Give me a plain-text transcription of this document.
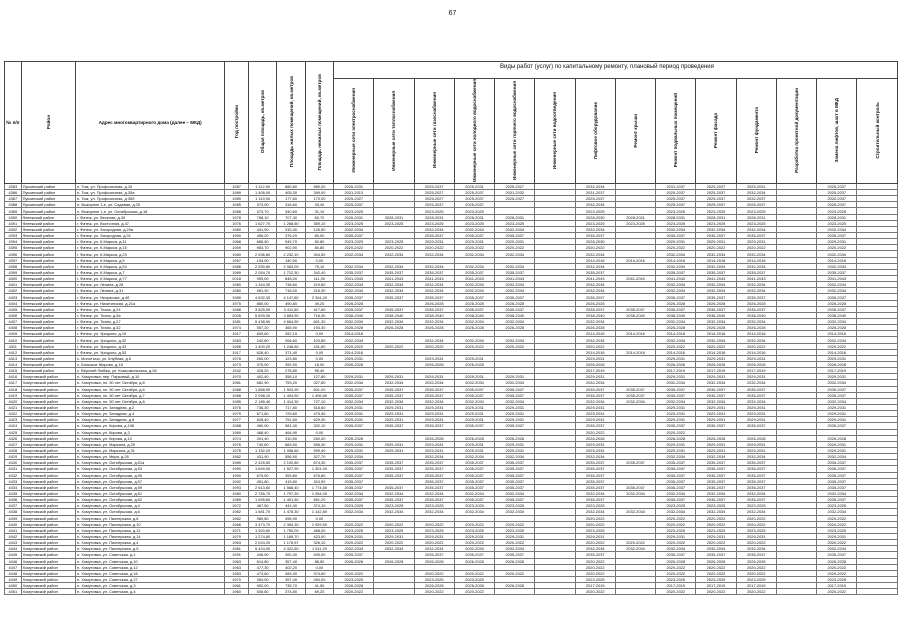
67
Виды работ (услуг) по капитальному ремонту, плановый период проведения
№ п/п	Район	Адрес многоквартирного дома (далее – МКД)	Год постройки	Общая площадь, кв.метров	Площадь жилых помещений, кв.метров	Площадь нежилых помещений, кв.метров														
							Инженерные сети электроснабжения	Инженерные сети теплоснабжения	Инженерные сети газоснабжения	Инженерные сети холодного водоснабжения	Инженерные сети горячего водоснабжения	Инженерные сети водоотведения	Лифтовое оборудование	Ремонт крыши	Ремонт подвальных помещений	Ремонт фасада	Ремонт фундамента	Разработка проектной документации	Замена лифтов, шахт в МКД	Строительный контроль
4383	Пуксинский район	п. Тиж, ул. Профсоюзная, д.15	1987	1 112,90	880,80	589,00	2026-2031		2025-2037	2025-2031	2025-2027		2032-2034		2031-2037	2029-2037	2025-2031		2025-2037	
4386	Пуксинский район	п. Тиж, ул. Профсоюзная, д.35а	1989	1 406,00	405,30	349,00	2031-2013		2025-2027	2025-2037	2031-2032		2031-2037		2025-2037	2025-2037	2032-2034		2025-2037	
4387	Пуксинский район	п. Тиж, ул. Профсоюзная, д.35б	1989	1 119,00	177,60	170,00	2025-2027		2025-2027	2025-2037	2025-2027		2025-2037		2025-2037	2025-2037	2032-2037		2032-2037	
4388	Пуксинский район	п. Выкорное 1-е, ул. Садовая, д.25	1985	373,00	316,60	33,40	2025-2037		2025-2037	2025-2037			2032-2034		2025-2037	2025-2037	2025-2037		2025-2037	
4389	Пуксинский район	п. Выкорное 1-е, ул. Октябрьская, д.18	1988	373,70	340,60	31,10	2023-2025		2023-2025	2023-2025			2023-2025		2023-2025	2023-2025	2023-2025		2023-2025	
4390	Фатежский район	г. Фатеж, ул. Веселая, д.30	1978	768,10	707,30	60,70	2026-2031	2028-2031	2028-2031	2028-2031	2028-2031		2028-2030	2028-2031	2028-2031	2028-2031	2028-2031		2028-2031	
4391	Фатежский район	г. Фатеж, ул. Восточная, д.47	1976	1 627,70	1 268,60	359,10	2023-2025	2023-2025	2023-2025	2023-2025	2023-2025		2023-2025	2023-2025	2023-2025	2023-2025	2023-2025		2023-2025	
4392	Фатежский район	г. Фатеж, ул. Загородная, д.29а	1980	441,90	315,40	126,50	2032-2034		2032-2034	2032-2034	2032-2034		2032-2034		2032-2034	2032-2034	2032-2034		2032-2034	
4393	Фатежский район	г. Фатеж, ул. Загородная, д.31	1990	456,20	376,20	80,00	2035-2037		2035-2037	2035-2037	2035-2037		2035-2037		2035-2037	2035-2037	2035-2037		2035-2037	
4394	Фатежский район	г. Фатеж, ул. К.Маркса, д.11	1968	686,90	549,70	50,80	2023-2025	2023-2025	2029-2031	2029-2031	2029-2031		2028-2030		2029-2031	2029-2031	2029-2031		2029-2031	
4395	Фатежский район	г. Фатеж, ул. К.Маркса, д.15	1959	983,70	902,90	80,80	2020-2022	2020-2022	2020-2022	2020-2022	2020-2022		2020-2022		2020-2022	2020-2022	2020-2022		2020-2022	
4396	Фатежский район	г. Фатеж, ул. К.Маркса, д.23	1960	2 536,60	2 232,10	304,50	2032-2034	2032-2034	2032-2034	2032-2034	2032-2034		2032-2034		2032-2034	2032-2034	2032-2034		2032-2034	
4397	Фатежский район	г. Фатеж, ул. К.Маркса, д.9	1957	154,00	140,50	0,00							2014-2016	2014-2016	2014-2016	2014-2016	2014-2016		2014-2016	
4398	Фатежский район	г. Фатеж, ул. К.Маркса, д.53	1986	2 530,60	2 063,00	75,10	2032-2034	2032-2034	2032-2034	2032-2034	2032-2034		2032-2034		2032-2034	2032-2034	2032-2034		2032-2034	
4399	Фатежский район	г. Фатеж, ул. К.Маркса, д.7	1989	2 054,70	1 712,30	342,40	2035-2037	2035-2037	2035-2037	2035-2037	2035-2037		2035-2037		2035-2037	2035-2037	2035-2037		2035-2037	
4400	Фатежский район	г. Фатеж, ул. К.Маркса, д.77	2018	959,00	848,00	111,00	2041-2043	2041-2043	2041-2043	2041-2043	2041-2043		2041-2043	2041-2043	2041-2043	2041-2043	2041-2043		2041-2043	
4401	Фатежский район	г. Фатеж, ул. Ленина, д.28	1980	1 344,30	738,60	219,60	2032-2034	2032-2034	2032-2034	2032-2034	2032-2034		2032-2034		2032-2034	2032-2034	2032-2034		2032-2034	
4402	Фатежский район	г. Фатеж, ул. Ленина, д.31	1980	981,30	718,00	215,30	2032-2034	2032-2034	2032-2034	2032-2034	2032-2034		2032-2034		2032-2034	2032-2034	2032-2034		2032-2034	
4403	Фатежский район	г. Фатеж, ул. Некрасова, д.4б	1989	4 832,30	4 147,80	2 394,20	2035-2037	2035-2037	2035-2037	2035-2037	2035-2037		2035-2037		2035-2037	2035-2037	2035-2037		2035-2037	
4404	Фатежский район	г. Фатеж, ул. Никитинская, д.21а	1975	880,00	490,80	49,20	2026-2028		2026-2028	2026-2028	2026-2028		2026-2028		2026-2028	2026-2028	2026-2028		2026-2028	
4405	Фатежский район	г. Фатеж, ул. Тихая, д.24	1988	3 825,50	3 411,50	417,60	2035-2037	2035-2037	2035-2037	2035-2037	2035-2037		2035-2037	2035-2037	2035-2037	2035-2037	2035-2037		2035-2037	
4406	Фатежский район	г. Фатеж, ул. Тихая, д.5а	2005	5 893,30	3 883,90	718,30	2038-2040	2038-2040	2038-2040	2038-2040	2038-2040		2038-2040	2038-2040	2038-2040	2038-2040	2038-2040		2038-2040	
4407	Фатежский район	г. Фатеж, ул. Тихая, д.27	1981	5 438,90	4 664,50	601,30	2032-2034	2032-2034	2032-2034	2032-2034	2032-2034		2032-2034		2032-2034	2032-2034	2032-2034		2032-2034	
4408	Фатежский район	г. Фатеж, ул. Тихая, д.32	1974	557,20	365,90	193,30	2026-2028	2026-2028	2026-2028	2026-2028	2026-2028		2026-2028		2026-2028	2026-2028	2026-2028		2026-2028	
4409	Фатежский район	г. Фатеж, ул. Урицкого, д.15	1917	609,60	262,15	0,00	2014-2016						2014-2016	2014-2016	2014-2016	2014-2016	2014-2016		2014-2016	
4410	Фатежский район	г. Фатеж, ул. Урицкого, д.42	1983	242,80	206,60	103,80	2032-2034		2032-2034	2032-2034	2032-2034		2032-2034		2032-2034	2032-2034	2032-2034		2032-2034	
4411	Фатежский район	г. Фатеж, ул. Урицкого, д.43	1956	1 400,20	1 248,60	151,60	2020-2022	2020-2022	2020-2022	2020-2022	2020-2022		2020-2022		2020-2022	2020-2022	2020-2022		2020-2022	
4412	Фатежский район	г. Фатеж, ул. Урицкого, д.53	1917	626,40	371,40	0,00	2014-2016						2014-2016	2014-2016	2014-2016	2014-2016	2014-2016		2014-2016	
4413	Фатежский район	с. Молотычи, ул. Клубная, д.5	1978	260,00	123,80	0,00	2029-2031		2029-2031	2029-2031			2029-2031		2029-2031	2029-2031	2029-2031		2029-2031	
4414	Фатежский район	с. Большое Жирово, д.18	1973	375,90	392,90	18,00	2026-2028		2026-2028	2026-2028			2026-2028		2026-2028	2026-2028	2026-2028		2026-2028	
4415	Фатежский район	с. Верхний Любаж, ул. Комсомольская, д.28	1942	428,20	278,80	55,40							2017-2019		2017-2019	2017-2019	2017-2019		2017-2019	
4416	Хомутовский район	п. Хомутовка, пер. Парковый, д.10	1970	402,40	358,10	127,80	2029-2031	2029-2031	2029-2031	2029-2031	2029-2031		2029-2031		2029-2031	2029-2031	2029-2031		2029-2031	
4417	Хомутовский район	п. Хомутовка, пл. 50 лет Октября, д.8	1981	682,90	753,20	327,80	2032-2034	2032-2034	2032-2034	2032-2034	2032-2034		2032-2034		2032-2034	2032-2034	2032-2034		2032-2034	
4418	Хомутовский район	п. Хомутовка, пл. 50 лет Октября, д.6	1988	1 858,50	1 503,90	601,00	2035-2037	2035-2037	2035-2037	2035-2037	2035-2037		2035-2037	2035-2037	2035-2037	2035-2037	2035-2037		2035-2037	
4419	Хомутовский район	п. Хомутовка, пл. 50 лет Октября, д.7	1988	2 098,10	1 404,50	1 406,80	2035-2037	2035-2037	2035-2037	2035-2037	2035-2037		2035-2037	2035-2037	2035-2037	2035-2037	2035-2037		2035-2037	
4420	Хомутовский район	п. Хомутовка, пл. 50 лет Октября, д.8	1985	2 185,40	1 414,30	727,10	2032-2034	2032-2034	2032-2034	2032-2034	2032-2034		2032-2034	2032-2034	2032-2034	2032-2034	2032-2034		2032-2034	
4421	Хомутовский район	п. Хомутовка, ул. Западная, д.2	1976	736,30	717,80	518,60	2029-2031	2029-2031	2029-2031	2029-2031	2029-2031		2029-2031		2029-2031	2029-2031	2029-2031		2029-2031	
4422	Хомутовский район	п. Хомутовка, ул. Западная, д.4	1979	871,80	729,60	475,30	2029-2031	2029-2031	2029-2031	2029-2031	2029-2031		2029-2031		2029-2031	2029-2031	2029-2031		2029-2031	
4423	Хомутовский район	п. Хомутовка, ул. Западная, д.6	1977	828,40	751,60	629,30	2029-2031	2029-2031	2029-2031	2029-2031	2029-2031		2029-2031		2029-2031	2029-2031	2029-2031		2029-2031	
4424	Хомутовский район	п. Хомутовка, ул. Кирова, д.198	1988	460,00	581,40	332,10	2035-2037	2035-2037	2035-2037	2035-2037	2035-2037		2035-2037		2035-2037	2035-2037	2035-2037		2035-2037	
4425	Хомутовский район	п. Хомутовка, ул. Кирова, д.3	1969	468,40	464,90	0,00							2020-2022		2020-2022					
4426	Хомутовский район	п. Хомутовка, ул. Кирова, д.10	1974	391,40	310,50	260,00	2026-2028		2026-2028	2026-2028	2026-2028		2026-2028		2026-2028	2026-2028	2026-2028		2026-2028	
4427	Хомутовский район	п. Хомутовка, ул. Марьяна, д.29	1976	740,60	683,50	558,30	2029-2031	2029-2031	2029-2031	2029-2031	2029-2031		2029-2031		2029-2031	2029-2031	2029-2031		2029-2031	
4428	Хомутовский район	п. Хомутовка, ул. Марьяна, д.31	1976	1 152,20	1 058,60	599,40	2029-2031	2029-2031	2029-2031	2029-2031	2029-2031		2029-2031		2029-2031	2029-2031	2029-2031		2029-2031	
4429	Хомутовский район	п. Хомутовка, ул. Мира, д.28	1982	431,90	556,90	327,70	2032-2034		2032-2034	2032-2034	2032-2034		2032-2034		2032-2034	2032-2034	2032-2034		2032-2034	
4430	Хомутовский район	п. Хомутовка, ул. Октябрьская, д.51а	1989	2 425,50	2 192,80	674,30	2035-2037	2035-2037	2035-2037	2035-2037	2035-2037		2035-2037	2035-2037	2035-2037	2035-2037	2035-2037		2035-2037	
4431	Хомутовский район	п. Хомутовка, ул. Октябрьская, д.53	1990	1 649,00	1 527,90	1 301,00	2035-2037	2035-2037	2035-2037	2035-2037	2035-2037		2035-2037		2035-2037	2035-2037	2035-2037		2035-2037	
4432	Хомутовский район	п. Хомутовка, ул. Октябрьская, д.55	1990	875,50	353,80	676,80	2035-2037	2035-2037	2035-2037	2035-2037	2035-2037		2035-2037		2035-2037	2035-2037	2035-2037		2035-2037	
4433	Хомутовский район	п. Хомутовка, ул. Октябрьская, д.57	1992	451,80	415,80	324,90	2035-2037		2035-2037	2035-2037	2035-2037		2035-2037		2035-2037	2035-2037	2035-2037		2035-2037	
4434	Хомутовский район	п. Хомутовка, ул. Октябрьская, д.59	1993	2 613,60	1 568,40	1 774,80	2035-2037	2035-2037	2035-2037	2035-2037	2035-2037		2035-2037	2035-2037	2035-2037	2035-2037	2035-2037		2035-2037	
4435	Хомутовский район	п. Хомутовка, ул. Октябрьская, д.61	1980	2 765,70	1 797,30	1 054,00	2032-2034	2032-2034	2032-2034	2032-2034	2032-2034		2032-2034	2032-2034	2032-2034	2032-2034	2032-2034		2032-2034	
4436	Хомутовский район	п. Хомутовка, ул. Октябрьская, д.62	1989	1 695,60	1 401,50	651,20	2035-2037	2035-2037	2035-2037	2035-2037	2035-2037		2035-2037		2035-2037	2035-2037	2035-2037		2035-2037	
4437	Хомутовский район	п. Хомутовка, ул. Октябрьская, д.4	1972	467,50	441,40	374,10	2023-2025	2023-2025	2023-2025	2023-2025	2023-2025		2023-2025		2023-2025	2023-2025	2023-2025		2023-2025	
4438	Хомутовский район	п. Хомутовка, ул. Октябрьская, д.6	1982	1 681,70	1 478,30	1 142,80	2032-2034	2032-2034	2032-2034	2032-2034	2032-2034		2032-2034	2032-2034	2032-2034	2032-2034	2032-2034		2032-2034	
4439	Хомутовский район	п. Хомутовка, ул. Пионерская, д.8	1962	980,80	396,90	0,00							2020-2022		2020-2022	2020-2022	2020-2022		2020-2022	
4440	Хомутовский район	п. Хомутовка, ул. Пионерская, д.10	1966	3 473,70	2 354,30	1 929,50	2020-2022	2020-2022	2020-2022	2020-2022	2020-2022		2020-2022		2020-2022	2020-2022	2020-2022		2020-2022	
4441	Хомутовский район	п. Хомутовка, ул. Пионерская, д.12	1971	1 920,60	1 750,00	468,00	2023-2025	2023-2025	2023-2025	2023-2025	2023-2025		2023-2025		2023-2025	2023-2025	2023-2025		2023-2025	
4442	Хомутовский район	п. Хомутовка, ул. Пионерская, д.14	1979	1 274,80	1 185,70	423,00	2029-2031	2029-2031	2029-2031	2029-2031	2029-2031		2029-2031		2029-2031	2029-2031	2029-2031		2029-2031	
4443	Хомутовский район	п. Хомутовка, ул. Пионерская, д.4	1963	2 024,20	1 176,57	326,10	2020-2022	2020-2022	2020-2022	2020-2022	2020-2022		2020-2022	2020-2022	2020-2022	2020-2022	2020-2022		2020-2022	
4444	Хомутовский район	п. Хомутовка, ул. Пионерская, д.5	1981	5 424,00	4 322,80	1 511,20	2032-2034	2032-2034	2032-2034	2032-2034	2032-2034		2032-2034	2032-2034	2032-2034	2032-2034	2032-2034		2032-2034	
4445	Хомутовский район	п. Хомутовка, ул. Советская, д.1	1991	445,90	392,40	405,00	2035-2037		2035-2037	2035-2037	2035-2037		2035-2037		2035-2037	2035-2037	2035-2037		2035-2037	
4446	Хомутовский район	п. Хомутовка, ул. Советская, д.10	1963	614,80	357,40	88,50	2026-2028	2026-2028	2026-2028	2026-2028	2026-2028		2020-2022		2026-2028	2026-2028	2026-2028		2026-2028	
4447	Хомутовский район	п. Хомутовка, ул. Советская, д.12	1963	477,30	402,20	0,00							2020-2022		2020-2022	2020-2022	2020-2022		2020-2022	
4448	Хомутовский район	п. Хомутовка, ул. Советская, д.16	1963	473,60	459,30	374,60	2020-2022		2020-2022	2020-2022	2020-2022		2020-2022		2020-2022	2020-2022	2020-2022		2020-2022	
4449	Хомутовский район	п. Хомутовка, ул. Советская, д.27	1970	354,00	357,40	284,00	2023-2025		2023-2025	2023-2025			2023-2025		2023-2025	2023-2025	2023-2025		2023-2025	
4450	Хомутовский район	п. Хомутовка, ул. Советская, д.3	1961	952,00	735,70	41,50	2026-2028		2026-2028	2026-2028	2026-2028		2017-2019		2017-2019	2017-2019	2017-2019		2017-2019	
4451	Хомутовский район	п. Хомутовка, ул. Советская, д.4	1960	506,80	374,80	69,20	2020-2022		2020-2022	2020-2022			2020-2022		2020-2022	2020-2022	2020-2022		2020-2022	
